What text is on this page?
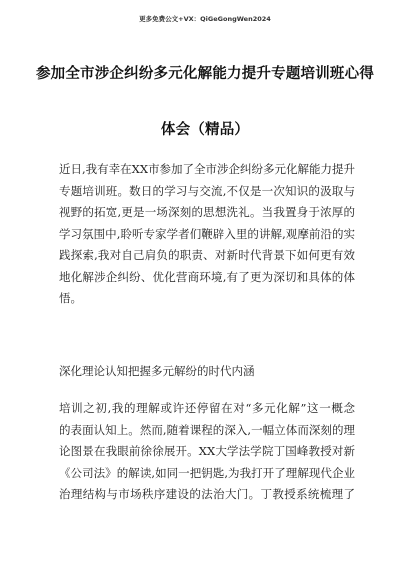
更多免费公文+VX：QiGeGongWen2024
参加全市涉企纠纷多元化解能力提升专题培训班心得
体会（精品）
近日,我有幸在XX市参加了全市涉企纠纷多元化解能力提升
专题培训班。数日的学习与交流,不仅是一次知识的汲取与
视野的拓宽,更是一场深刻的思想洗礼。当我置身于浓厚的
学习氛围中,聆听专家学者们鞭辟入里的讲解,观摩前沿的实
践探索,我对自己肩负的职责、对新时代背景下如何更有效
地化解涉企纠纷、优化营商环境,有了更为深切和具体的体
悟。
深化理论认知把握多元解纷的时代内涵
培训之初,我的理解或许还停留在对“多元化解”这一概念
的表面认知上。然而,随着课程的深入,一幅立体而深刻的理
论图景在我眼前徐徐展开。XX大学法学院丁国峰教授对新
《公司法》的解读,如同一把钥匙,为我打开了理解现代企业
治理结构与市场秩序建设的法治大门。丁教授系统梳理了
